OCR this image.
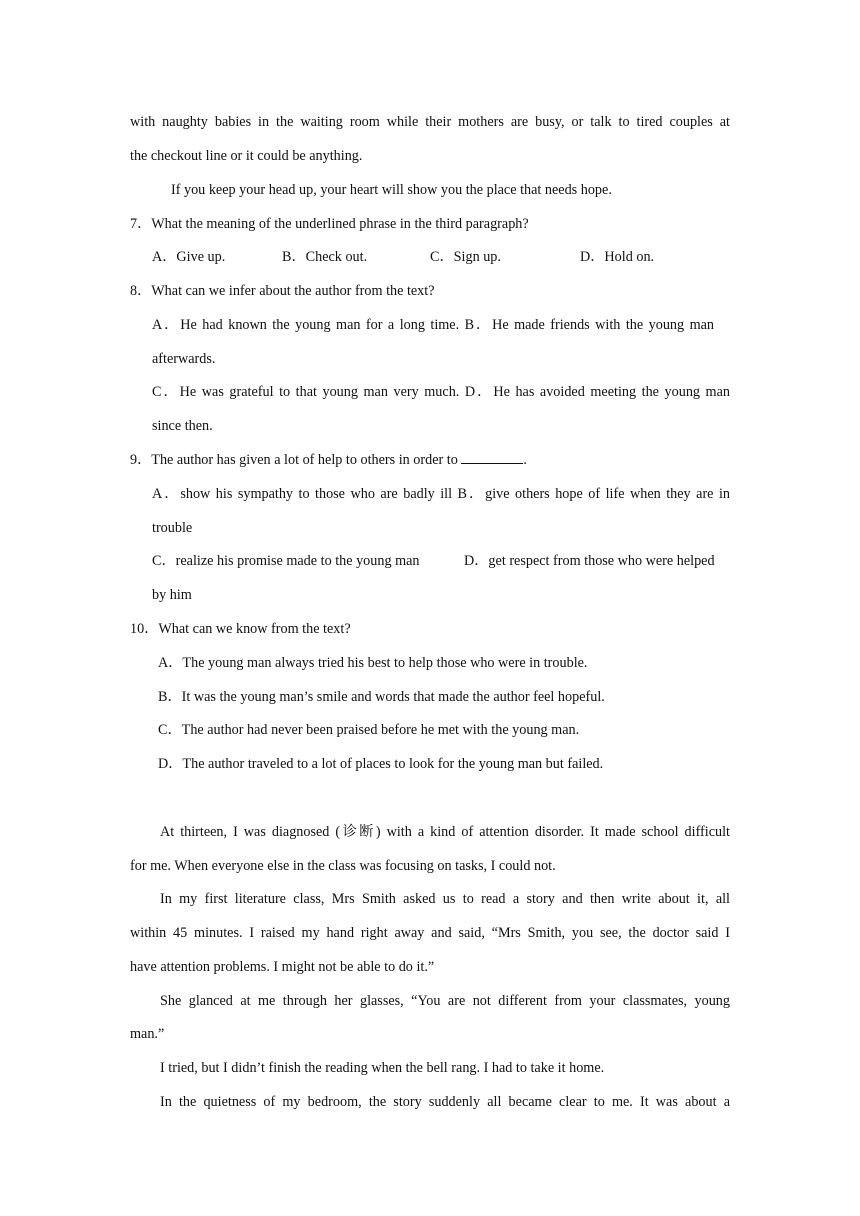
with naughty babies in the waiting room while their mothers are busy, or talk to tired couples at
the checkout line or it could be anything.
If you keep your head up, your heart will show you the place that needs hope.
7．What the meaning of the underlined phrase in the third paragraph?
A．Give up.	B．Check out.	C．Sign up.	D．Hold on.
8．What can we infer about the author from the text?
A．He had known the young man for a long time. B．He made friends with the young man
afterwards.
C．He was grateful to that young man very much. D．He has avoided meeting the young man
since then.
9．The author has given a lot of help to others in order to	.
A．show his sympathy to those who are badly ill B．give others hope of life when they are in
trouble
C．realize his promise made to the young man	D．get respect from those who were helped
by him
10．What can we know from the text?
A．The young man always tried his best to help those who were in trouble.
B．It was the young man’s smile and words that made the author feel hopeful.
C．The author had never been praised before he met with the young man.
D．The author traveled to a lot of places to look for the young man but failed.
At thirteen, I was diagnosed (诊断) with a kind of attention disorder. It made school difficult
for me. When everyone else in the class was focusing on tasks, I could not.
In my first literature class, Mrs Smith asked us to read a story and then write about it, all
within 45 minutes. I raised my hand right away and said, “Mrs Smith, you see, the doctor said I
have attention problems. I might not be able to do it.”
She glanced at me through her glasses, “You are not different from your classmates, young
man.”
I tried, but I didn’t finish the reading when the bell rang. I had to take it home.
In the quietness of my bedroom, the story suddenly all became clear to me. It was about a
